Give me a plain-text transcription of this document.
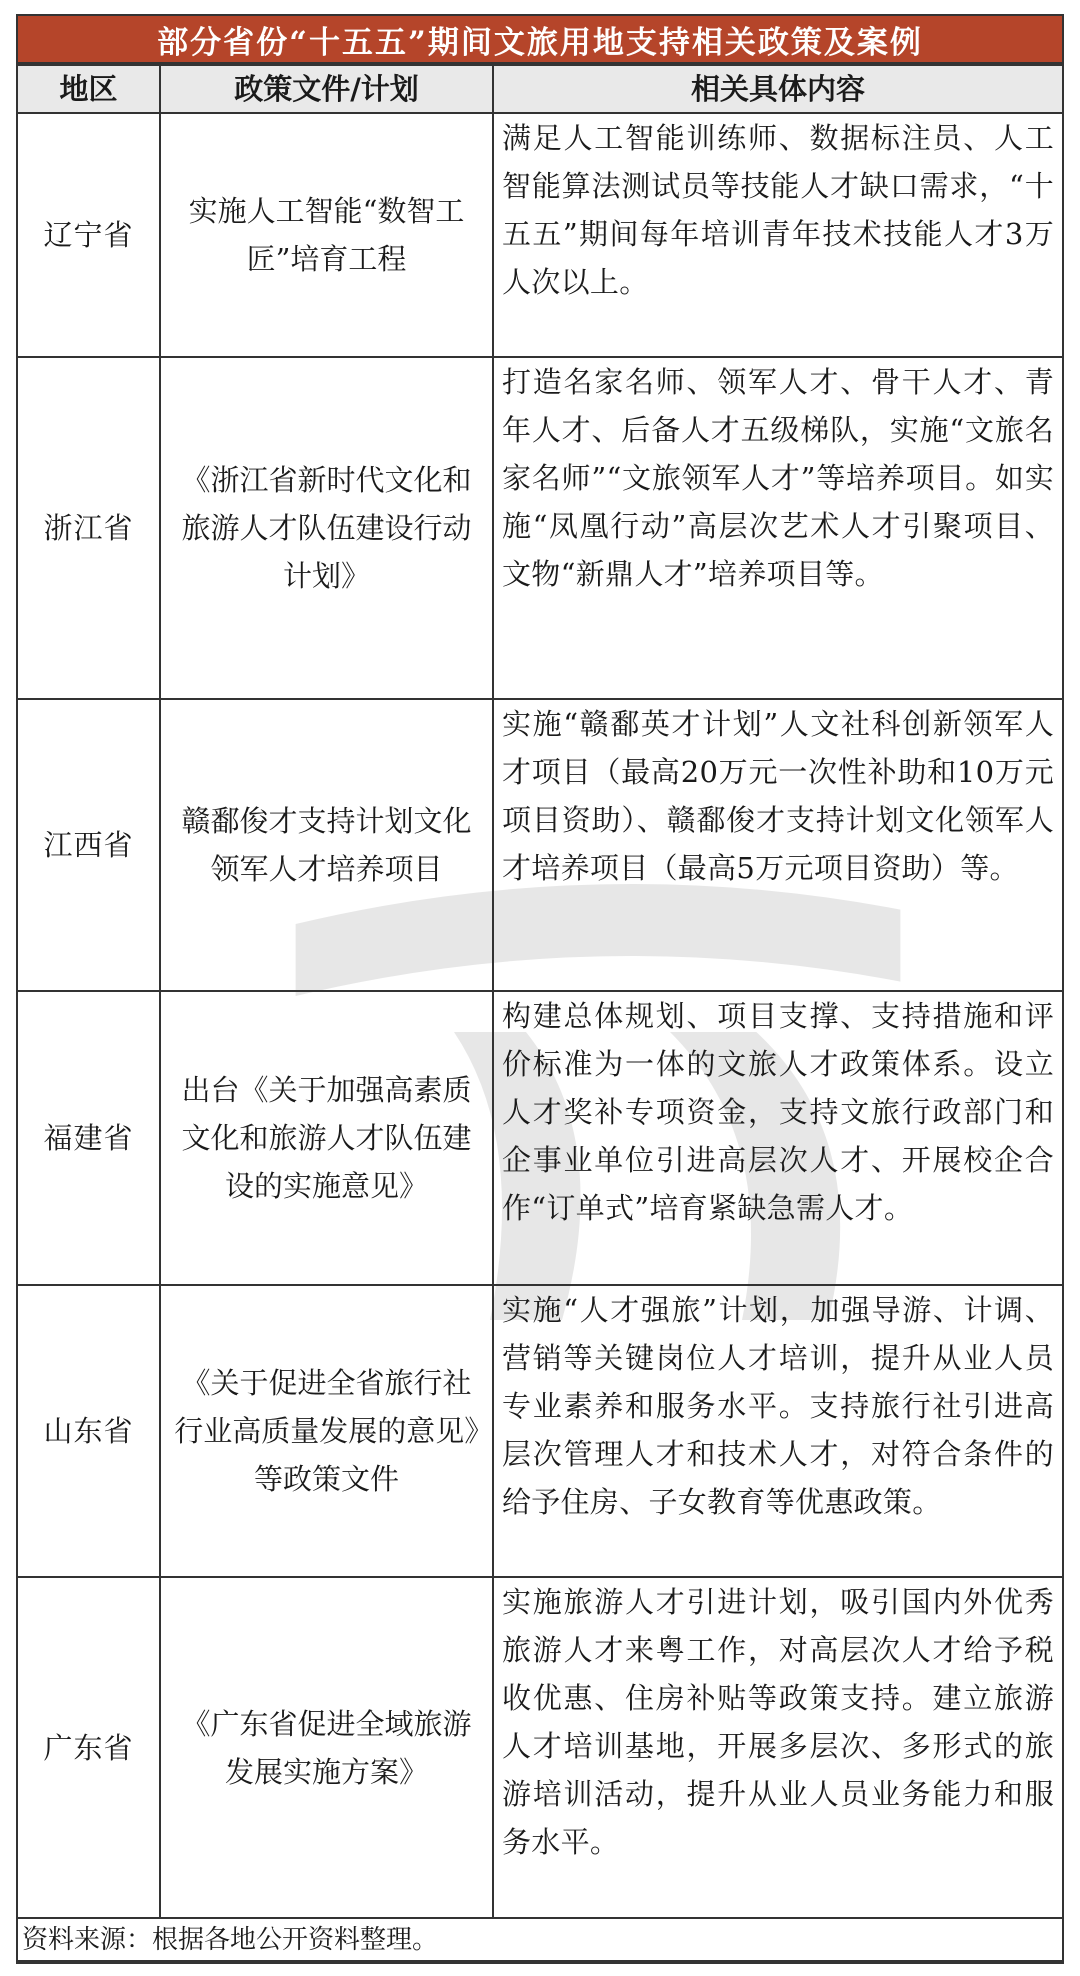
部分省份“十五五”期间文旅用地支持相关政策及案例
地区	政策文件/计划	相关具体内容
辽宁省	实施人工智能“数智工匠”培育工程	满足人工智能训练师、数据标注员、人工智能算法测试员等技能人才缺口需求，“十五五”期间每年培训青年技术技能人才3万人次以上。
浙江省	《浙江省新时代文化和旅游人才队伍建设行动计划》	打造名家名师、领军人才、骨干人才、青年人才、后备人才五级梯队，实施“文旅名家名师”“文旅领军人才”等培养项目。如实施“凤凰行动”高层次艺术人才引聚项目、文物“新鼎人才”培养项目等。
江西省	赣鄱俊才支持计划文化领军人才培养项目	实施“赣鄱英才计划”人文社科创新领军人才项目（最高20万元一次性补助和10万元项目资助）、赣鄱俊才支持计划文化领军人才培养项目（最高5万元项目资助）等。
福建省	出台《关于加强高素质文化和旅游人才队伍建设的实施意见》	构建总体规划、项目支撑、支持措施和评价标准为一体的文旅人才政策体系。设立人才奖补专项资金，支持文旅行政部门和企事业单位引进高层次人才、开展校企合作“订单式”培育紧缺急需人才。
山东省	《关于促进全省旅行社行业高质量发展的意见》等政策文件	实施“人才强旅”计划，加强导游、计调、营销等关键岗位人才培训，提升从业人员专业素养和服务水平。支持旅行社引进高层次管理人才和技术人才，对符合条件的给予住房、子女教育等优惠政策。
广东省	《广东省促进全域旅游发展实施方案》	实施旅游人才引进计划，吸引国内外优秀旅游人才来粤工作，对高层次人才给予税收优惠、住房补贴等政策支持。建立旅游人才培训基地，开展多层次、多形式的旅游培训活动，提升从业人员业务能力和服务水平。
资料来源：根据各地公开资料整理。		
